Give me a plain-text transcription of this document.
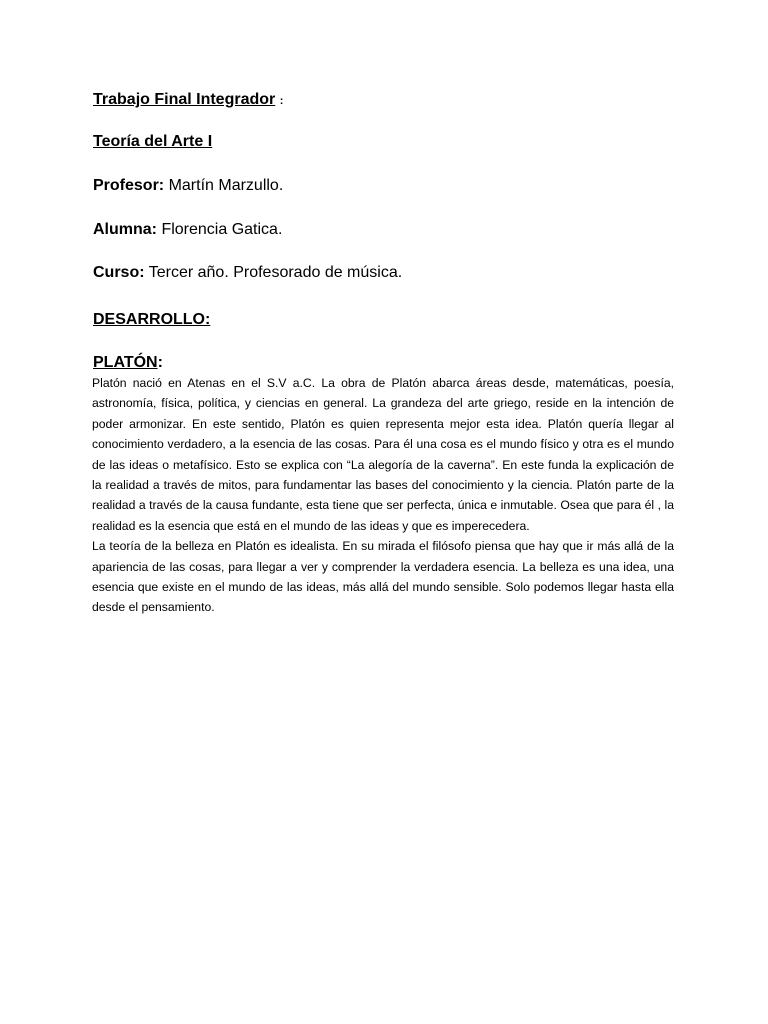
Trabajo Final Integrador :
Teoría del Arte I
Profesor: Martín Marzullo.
Alumna: Florencia Gatica.
Curso: Tercer año. Profesorado de música.
DESARROLLO:
PLATÓN:

Platón nació en Atenas en el S.V a.C. La obra de Platón abarca áreas desde, matemáticas, poesía, astronomía, física, política, y ciencias en general. La grandeza del arte griego, reside en la intención de poder armonizar. En este sentido, Platón es quien representa mejor esta idea. Platón quería llegar al conocimiento verdadero, a la esencia de las cosas. Para él una cosa es el mundo físico y otra es el mundo de las ideas o metafísico. Esto se explica con “La alegoría de la caverna”. En este funda la explicación de la realidad a través de mitos, para fundamentar las bases del conocimiento y la ciencia. Platón parte de la realidad a través de la causa fundante, esta tiene que ser perfecta, única e inmutable. Osea que para él , la realidad es la esencia que está en el mundo de las ideas y que es imperecedera.

La teoría de la belleza en Platón es idealista. En su mirada el filósofo piensa que hay que ir más allá de la apariencia de las cosas, para llegar a ver y comprender la verdadera esencia. La belleza es una idea, una esencia que existe en el mundo de las ideas, más allá del mundo sensible. Solo podemos llegar hasta ella desde el pensamiento.
